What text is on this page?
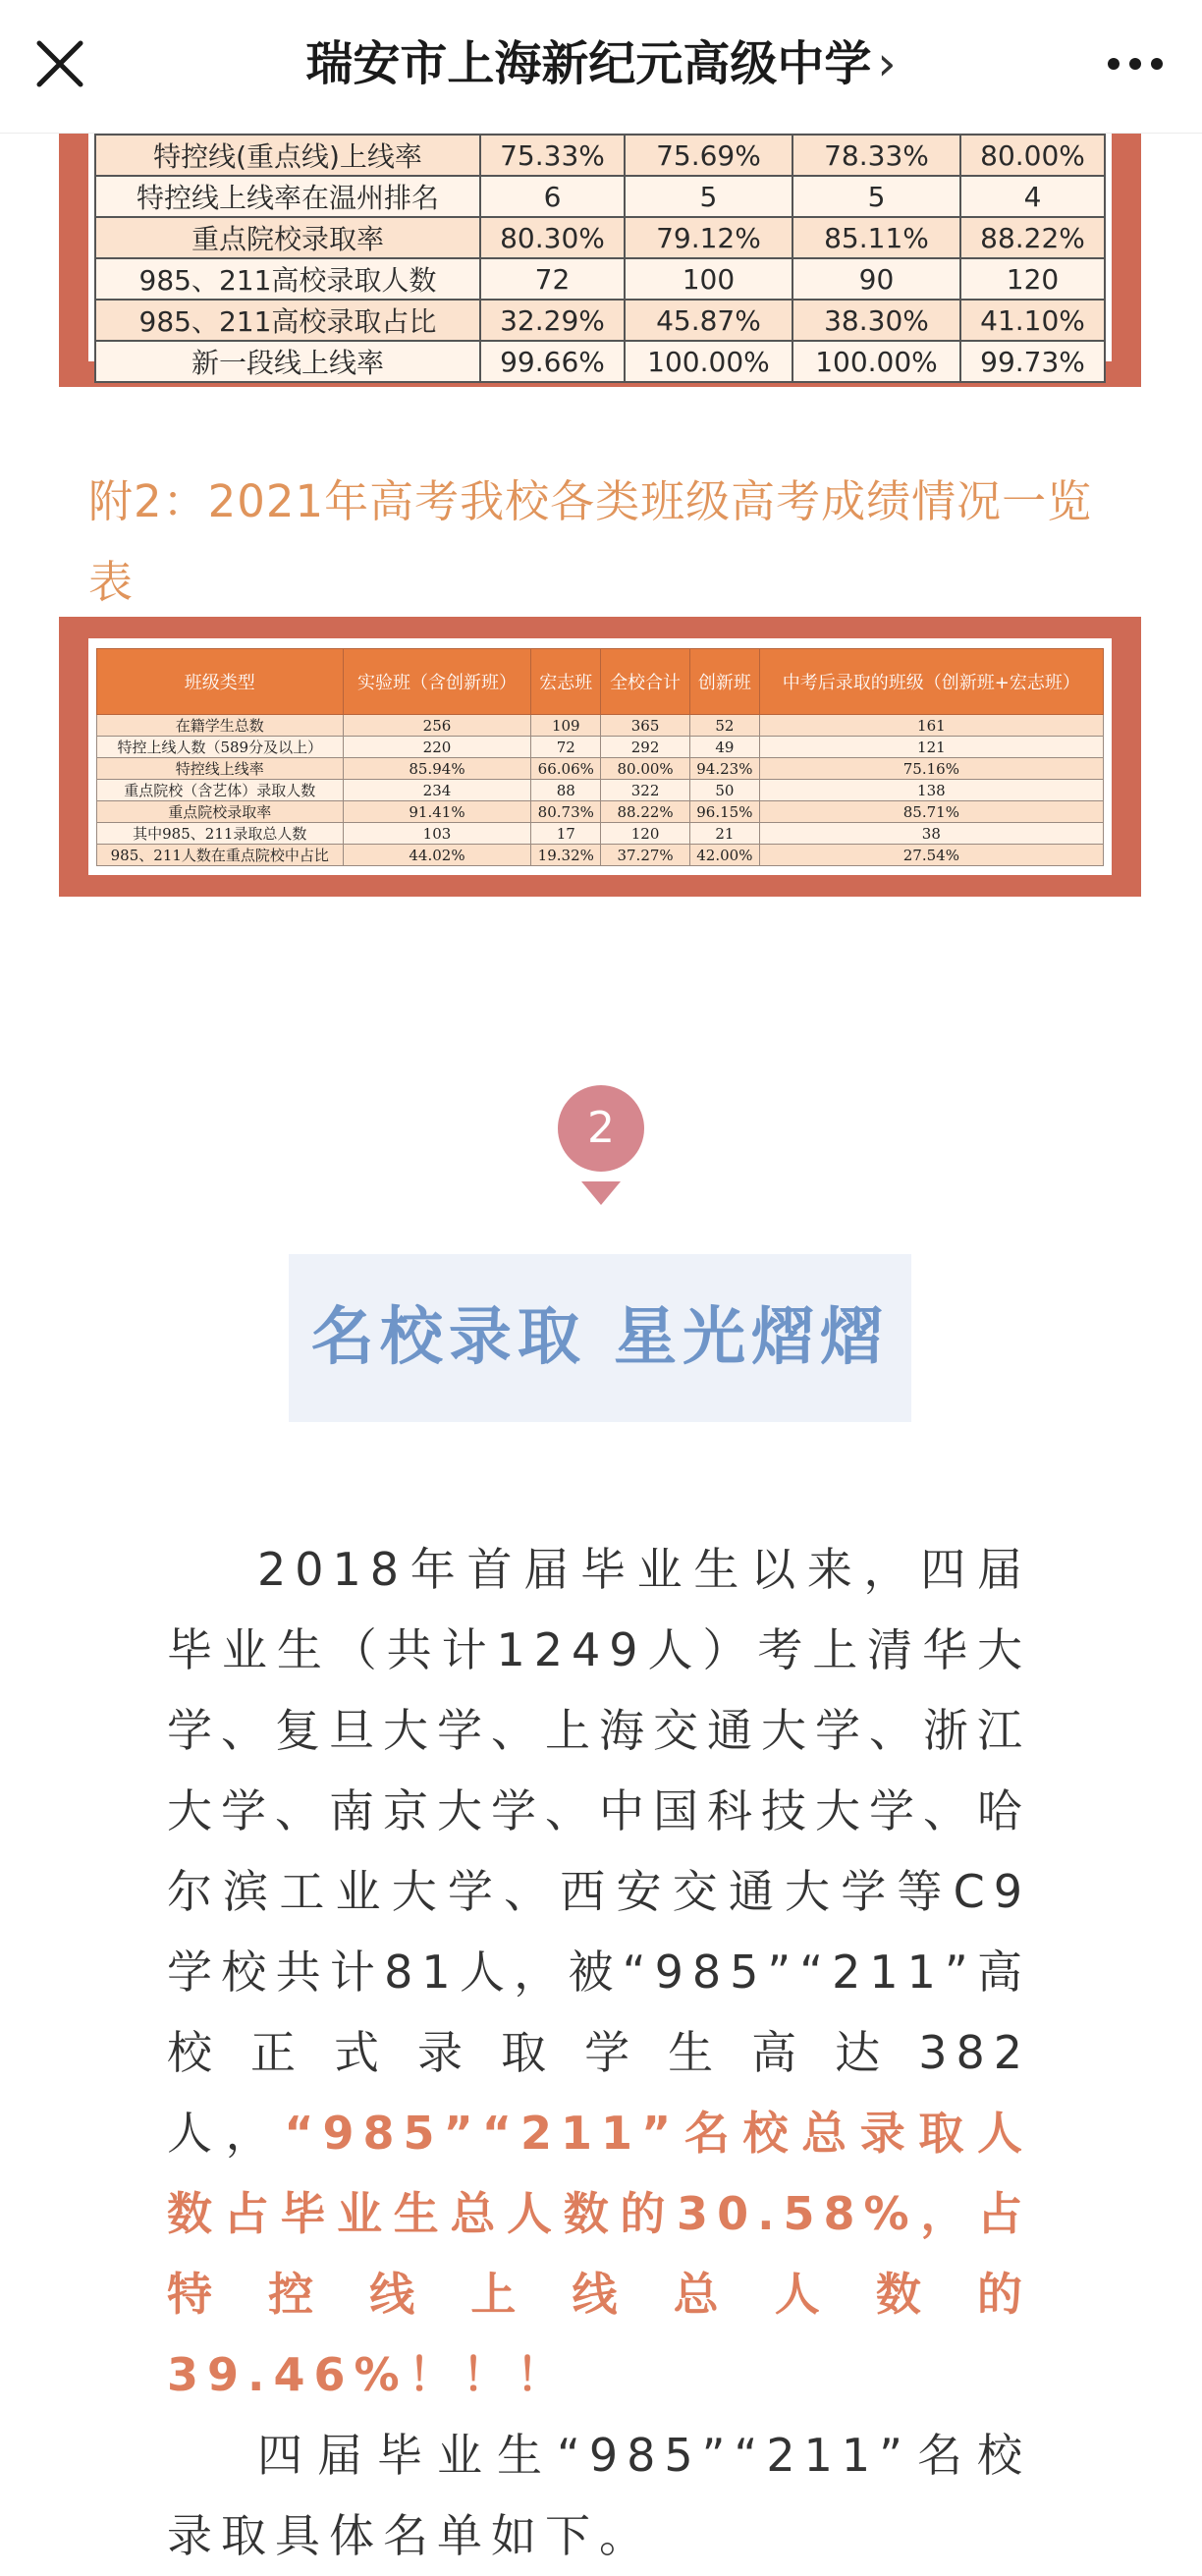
瑞安市上海新纪元高级中学 ›
特控线(重点线)上线率	75.33%	75.69%	78.33%	80.00%
特控线上线率在温州排名	6	5	5	4
重点院校录取率	80.30%	79.12%	85.11%	88.22%
985、211高校录取人数	72	100	90	120
985、211高校录取占比	32.29%	45.87%	38.30%	41.10%
新一段线上线率	99.66%	100.00%	100.00%	99.73%
附2：2021年高考我校各类班级高考成绩情况一览表
班级类型	实验班（含创新班）	宏志班	全校合计	创新班	中考后录取的班级（创新班+宏志班）
在籍学生总数	256	109	365	52	161
特控上线人数（589分及以上）	220	72	292	49	121
特控线上线率	85.94%	66.06%	80.00%	94.23%	75.16%
重点院校（含艺体）录取人数	234	88	322	50	138
重点院校录取率	91.41%	80.73%	88.22%	96.15%	85.71%
其中985、211录取总人数	103	17	120	21	38
985、211人数在重点院校中占比	44.02%	19.32%	37.27%	42.00%	27.54%
2
名校录取 星光熠熠

2018年首届毕业生以来，四届毕业生（共计1249人）考上清华大学、复旦大学、上海交通大学、浙江大学、南京大学、中国科技大学、哈尔滨工业大学、西安交通大学等C9学校共计81人，被“985”“211”高校正式录取学生高达382人，“985”“211”名校总录取人数占毕业生总人数的30.58%，占特控线上线总人数的39.46%！！！

四届毕业生“985”“211”名校录取具体名单如下。
